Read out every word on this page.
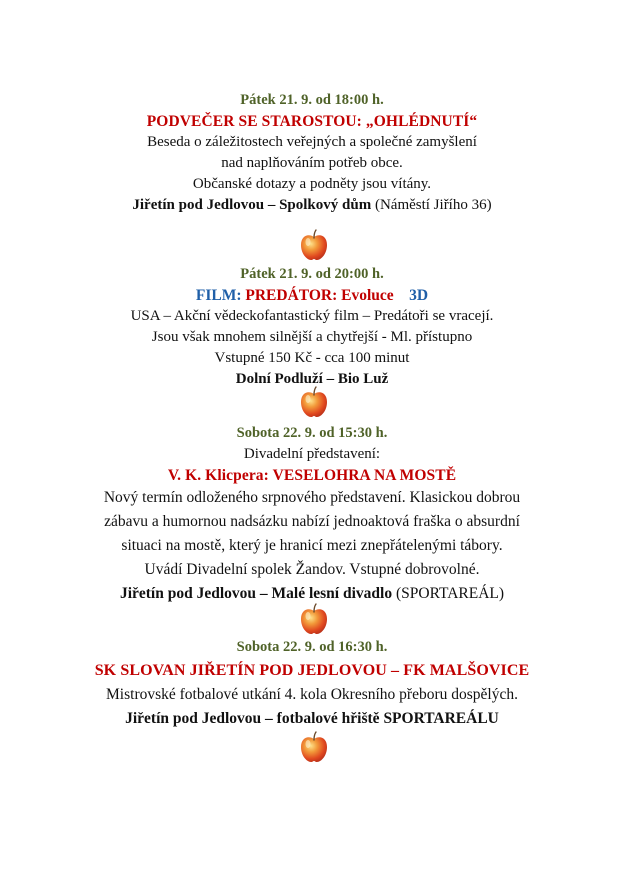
Pátek 21. 9. od 18:00 h.
PODVEČER SE STAROSTOU: „OHLÉDNUTÍ“
Beseda o záležitostech veřejných a společné zamyšlení
nad naplňováním potřeb obce.
Občanské dotazy a podněty jsou vítány.
Jiřetín pod Jedlovou – Spolkový dům (Náměstí Jiřího 36)
Pátek 21. 9. od 20:00 h.
FILM: PREDÁTOR: Evoluce 3D
USA – Akční vědeckofantastický film – Predátoři se vracejí.
Jsou však mnohem silnější a chytřejší - Ml. přístupno
Vstupné 150 Kč - cca 100 minut
Dolní Podluží – Bio Luž
Sobota 22. 9. od 15:30 h.
Divadelní představení:
V. K. Klicpera: VESELOHRA NA MOSTĚ
Nový termín odloženého srpnového představení. Klasickou dobrou
zábavu a humornou nadsázku nabízí jednoaktová fraška o absurdní
situaci na mostě, který je hranicí mezi znepřátelenými tábory.
Uvádí Divadelní spolek Žandov. Vstupné dobrovolné.
Jiřetín pod Jedlovou – Malé lesní divadlo (SPORTAREÁL)
Sobota 22. 9. od 16:30 h.
SK SLOVAN JIŘETÍN POD JEDLOVOU – FK MALŠOVICE
Mistrovské fotbalové utkání 4. kola Okresního přeboru dospělých.
Jiřetín pod Jedlovou – fotbalové hřiště SPORTAREÁLU
